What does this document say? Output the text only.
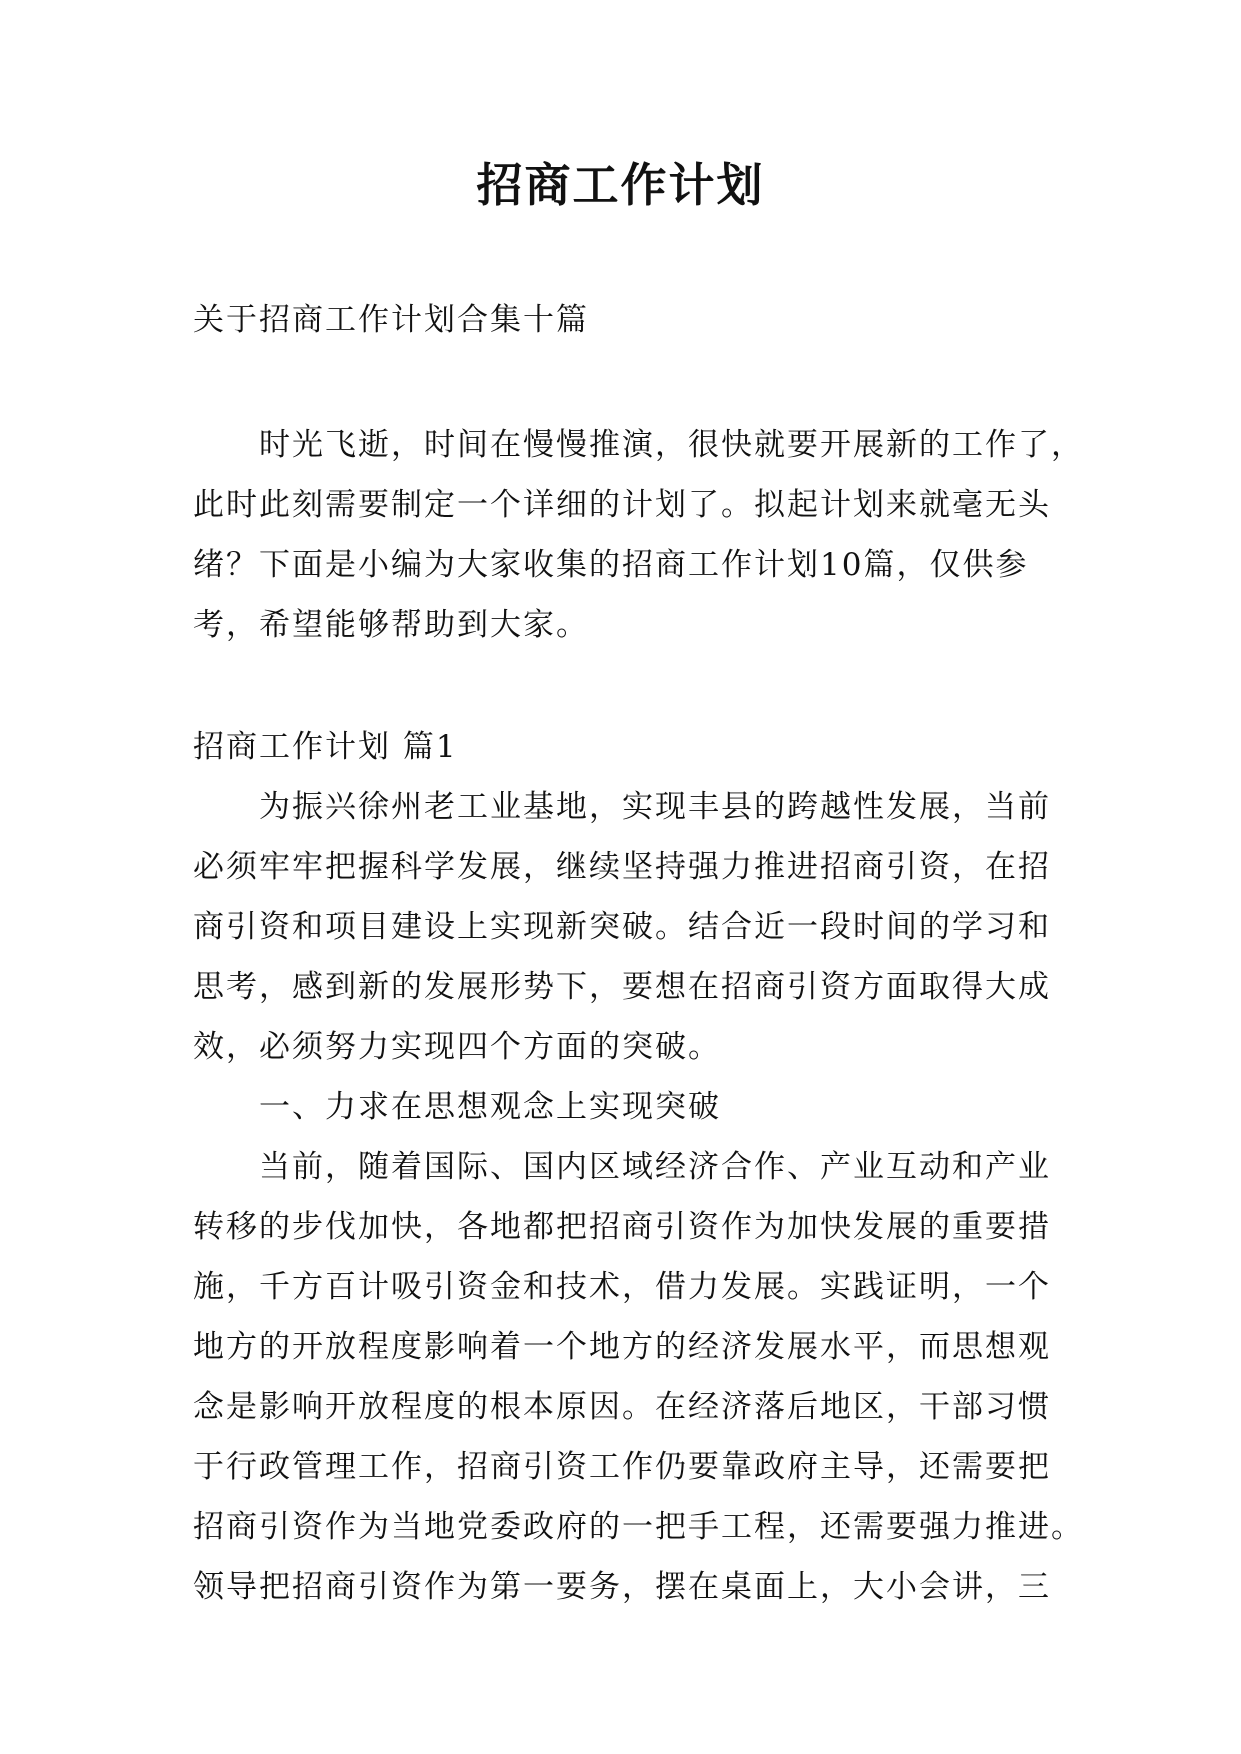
招商工作计划

关于招商工作计划合集十篇

时光飞逝，时间在慢慢推演，很快就要开展新的工作了，

此时此刻需要制定一个详细的计划了。拟起计划来就毫无头

绪？下面是小编为大家收集的招商工作计划10篇，仅供参

考，希望能够帮助到大家。

招商工作计划 篇1

为振兴徐州老工业基地，实现丰县的跨越性发展，当前

必须牢牢把握科学发展，继续坚持强力推进招商引资，在招

商引资和项目建设上实现新突破。结合近一段时间的学习和

思考，感到新的发展形势下，要想在招商引资方面取得大成

效，必须努力实现四个方面的突破。

一、力求在思想观念上实现突破

当前，随着国际、国内区域经济合作、产业互动和产业

转移的步伐加快，各地都把招商引资作为加快发展的重要措

施，千方百计吸引资金和技术，借力发展。实践证明，一个

地方的开放程度影响着一个地方的经济发展水平，而思想观

念是影响开放程度的根本原因。在经济落后地区，干部习惯

于行政管理工作，招商引资工作仍要靠政府主导，还需要把

招商引资作为当地党委政府的一把手工程，还需要强力推进。

领导把招商引资作为第一要务，摆在桌面上，大小会讲，三
